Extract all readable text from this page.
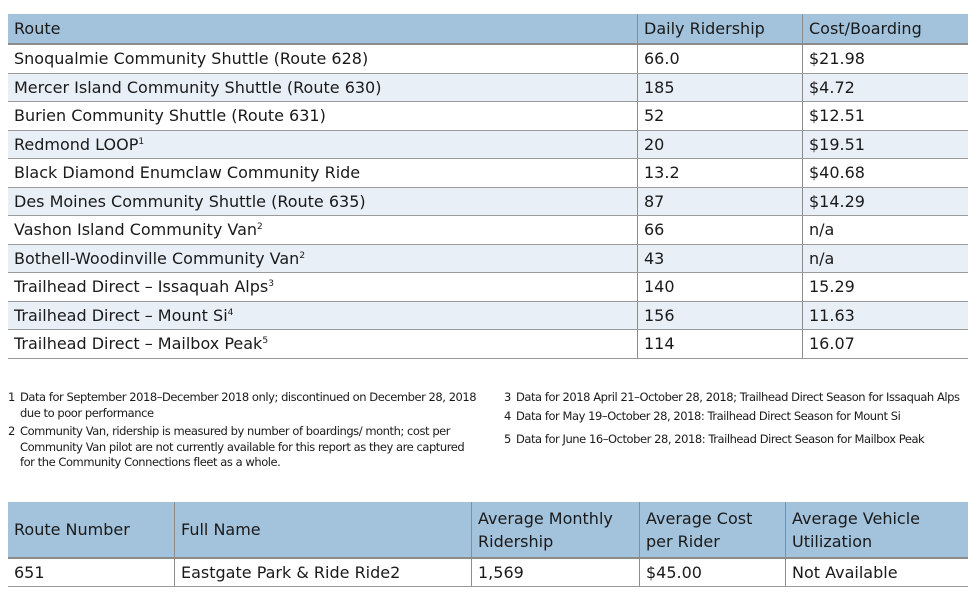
Route	Daily Ridership	Cost/Boarding
Snoqualmie Community Shuttle (Route 628)	66.0	$21.98
Mercer Island Community Shuttle (Route 630)	185	$4.72
Burien Community Shuttle (Route 631)	52	$12.51
Redmond LOOP$^1$	20	$19.51
Black Diamond Enumclaw Community Ride	13.2	$40.68
Des Moines Community Shuttle (Route 635)	87	$14.29
Vashon Island Community Van$^2$	66	n/a
Bothell-Woodinville Community Van$^2$	43	n/a
Trailhead Direct – Issaquah Alps$^3$	140	15.29
Trailhead Direct – Mount Si$^4$	156	11.63
Trailhead Direct – Mailbox Peak$^5$	114	16.07
1 Data for September 2018–December 2018 only; discontinued on December 28, 2018 due to poor performance
2 Community Van, ridership is measured by number of boardings/ month; cost per Community Van pilot are not currently available for this report as they are captured for the Community Connections fleet as a whole.
3 Data for 2018 April 21–October 28, 2018; Trailhead Direct Season for Issaquah Alps
4 Data for May 19–October 28, 2018: Trailhead Direct Season for Mount Si
5 Data for June 16–October 28, 2018: Trailhead Direct Season for Mailbox Peak
Route Number	Full Name	Average Monthly Ridership	Average Cost per Rider	Average Vehicle Utilization
651	Eastgate Park & Ride Ride2	1,569	$45.00	Not Available
